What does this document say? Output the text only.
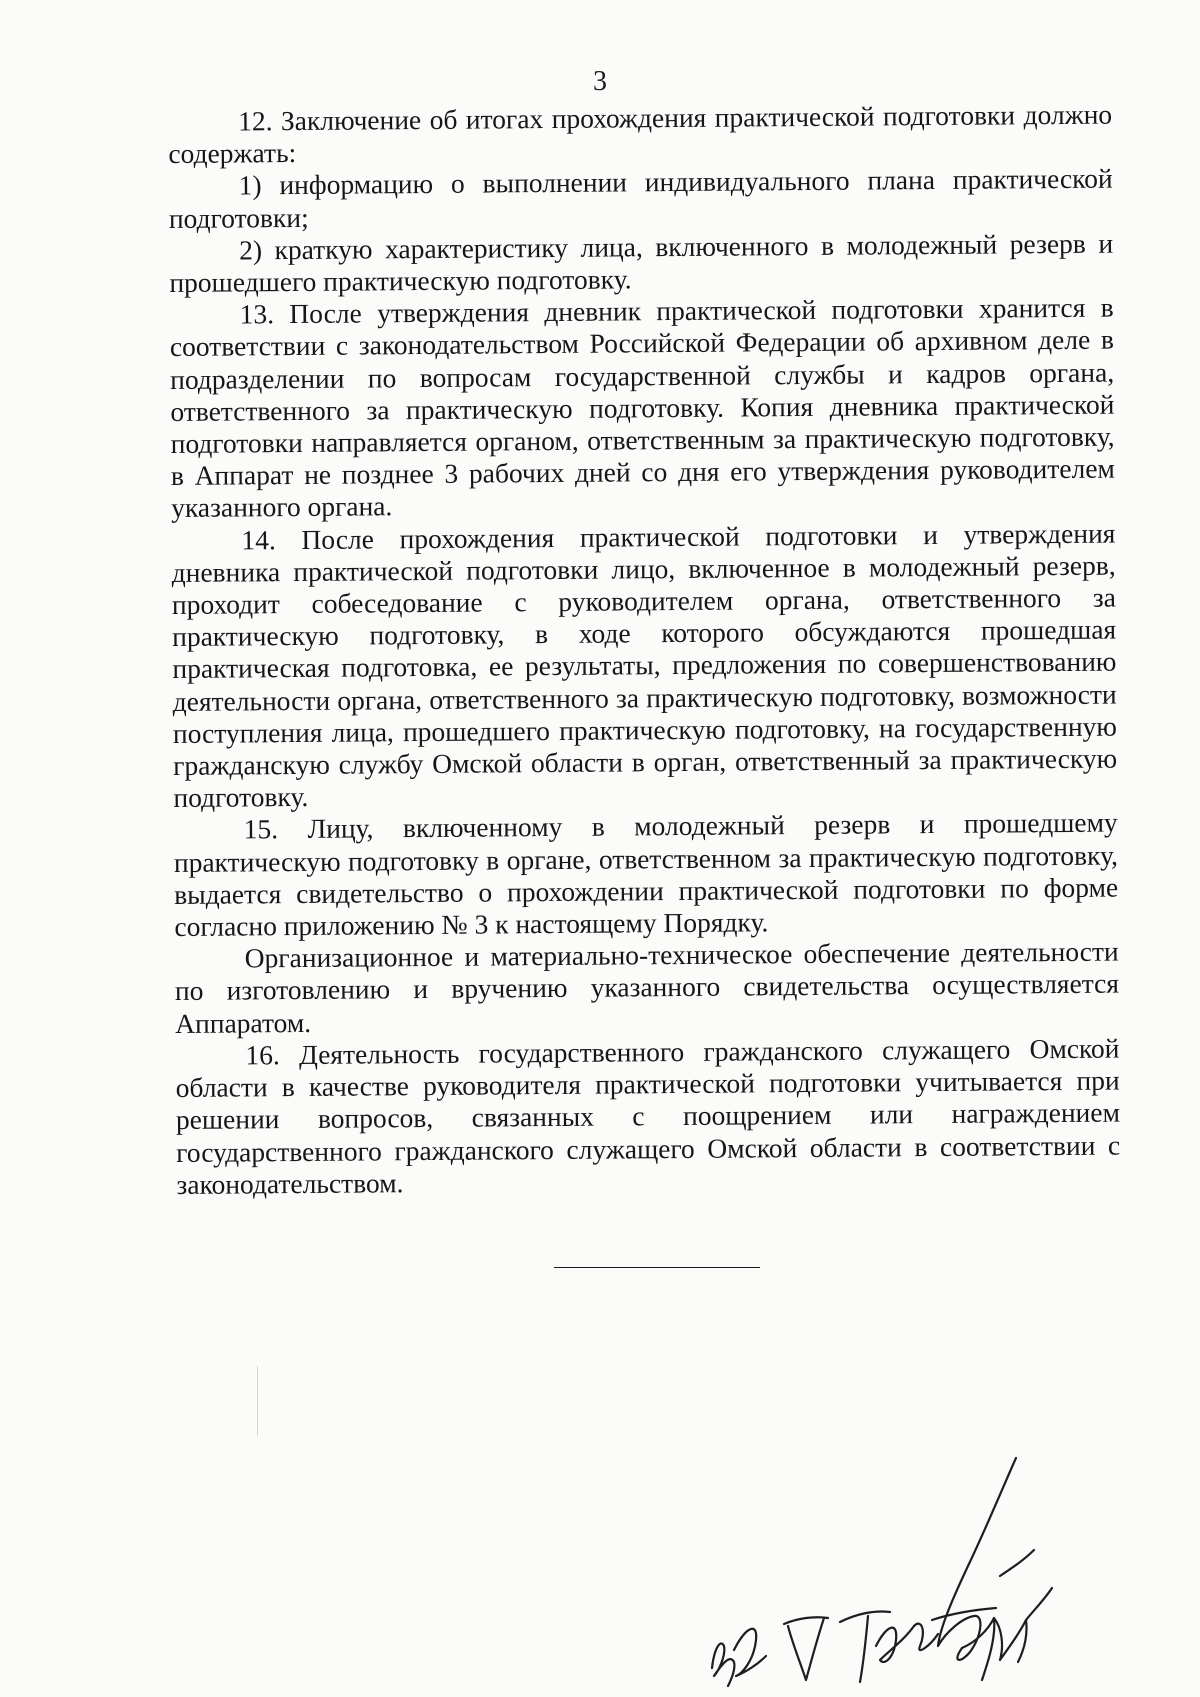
3

12. Заключение об итогах прохождения практической подготовки должно содержать:

1) информацию о выполнении индивидуального плана практической подготовки;

2) краткую характеристику лица, включенного в молодежный резерв и прошедшего практическую подготовку.

13. После утверждения дневник практической подготовки хранится в соответствии с законодательством Российской Федерации об архивном деле в подразделении по вопросам государственной службы и кадров органа, ответственного за практическую подготовку. Копия дневника практической подготовки направляется органом, ответственным за практическую подготовку, в Аппарат не позднее 3 рабочих дней со дня его утверждения руководителем указанного органа.

14. После прохождения практической подготовки и утверждения дневника практической подготовки лицо, включенное в молодежный резерв, проходит собеседование с руководителем органа, ответственного за практическую подготовку, в ходе которого обсуждаются прошедшая практическая подготовка, ее результаты, предложения по совершенствованию деятельности органа, ответственного за практическую подготовку, возможности поступления лица, прошедшего практическую подготовку, на государственную гражданскую службу Омской области в орган, ответственный за практическую подготовку.

15. Лицу, включенному в молодежный резерв и прошедшему практическую подготовку в органе, ответственном за практическую подготовку, выдается свидетельство о прохождении практической подготовки по форме согласно приложению № 3 к настоящему Порядку.

Организационное и материально-техническое обеспечение деятельности по изготовлению и вручению указанного свидетельства осуществляется Аппаратом.

16. Деятельность государственного гражданского служащего Омской области в качестве руководителя практической подготовки учитывается при решении вопросов, связанных с поощрением или награждением государственного гражданского служащего Омской области в соответствии с законодательством.
